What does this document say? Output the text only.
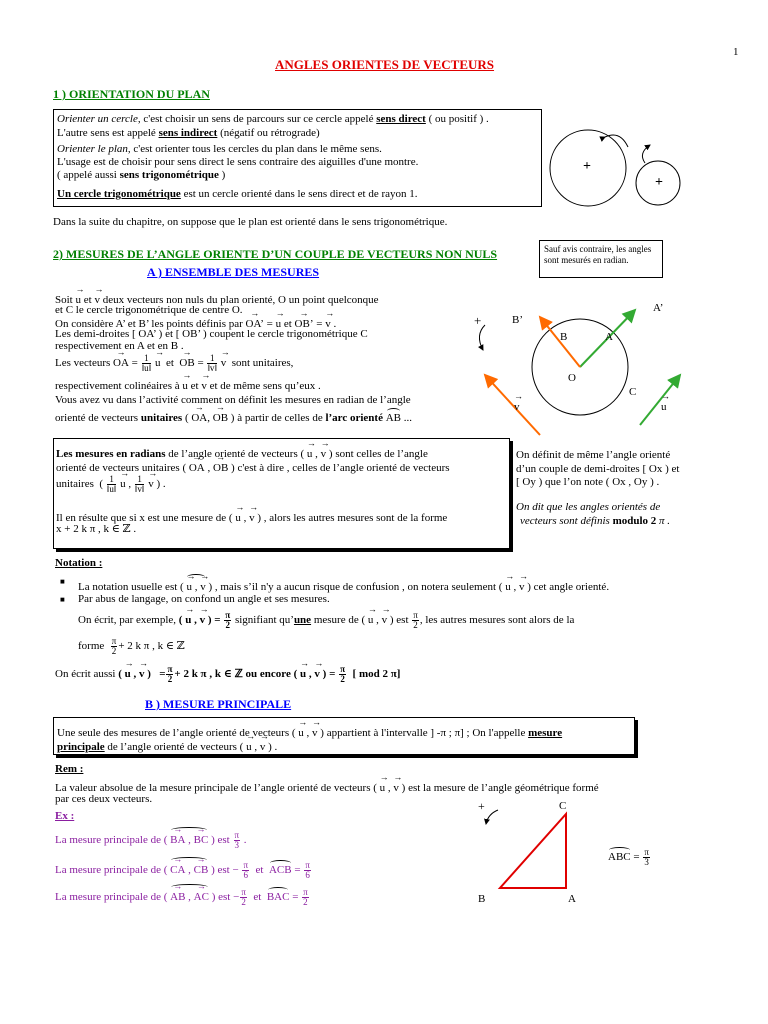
1
ANGLES ORIENTES DE VECTEURS
1 ) ORIENTATION DU PLAN
Orienter un cercle, c'est choisir un sens de parcours sur ce cercle appelé sens direct ( ou positif ) .
L'autre sens est appelé sens indirect (négatif ou rétrograde)
Orienter le plan, c'est orienter tous les cercles du plan dans le même sens.
L'usage est de choisir pour sens direct le sens contraire des aiguilles d'une montre.
( appelé aussi sens trigonométrique )
Un cercle trigonométrique est un cercle orienté dans le sens direct et de rayon 1.
+
+
Dans la suite du chapitre, on suppose que le plan est orienté dans le sens trigonométrique.
2) MESURES DE L’ANGLE ORIENTE D’UN COUPLE DE VECTEURS NON NULS	Sauf avis contraire, les angles sont mesurés en radian.
A ) ENSEMBLE DES MESURES
Soit → u et → v deux vecteurs non nuls du plan orienté, O un point quelconque
et C le cercle trigonométrique de centre O.
On considère A’ et B’ les points définis par → OA’ = → u et → OB’ = → v .
Les demi-droites [ OA’ ) et [ OB’ ) coupent le cercle trigonométrique C
respectivement en A et en B .
Les vecteurs → OA = $\frac{1}{‖u‖}$
→ u et  → OB = $\frac{1}{‖v‖}$
→ v sont unitaires,
respectivement colinéaires à → u et → v et de même sens qu’eux .
Vous avez vu dans l’activité comment on définit les mesures en radian de l’angle
orienté de vecteurs unitaires ( → OA, → OB ) à partir de celles de l’arc orienté AB ...
+	B’
A’
B	A
O
C
→ v
→	u
Les mesures en radians de l’angle orienté de vecteurs ( → u , → v ) sont celles de l’angle
orienté de vecteurs unitaires ( → OA , → OB ) c'est à dire , celles de l’angle orienté de vecteurs
unitaires  ( $\frac{1}{‖u‖}$
→ u , $\frac{1}{‖v‖}$
→ v ) .
Il en résulte que si x est une mesure de ( → u , → v ) , alors les autres mesures sont de la forme
x + 2 k π , k ∈ ℤ .
On définit de même l’angle orienté
d’un couple de demi-droites [ Ox ) et
[ Oy ) que l’on note ( Ox , Oy ) .
On dit que les angles orientés de
vecteurs sont définis modulo 2 π .
Notation :
■ La notation usuelle est ( → u , → v ) , mais s’il n'y a aucun risque de confusion , on notera seulement ( → u , → v ) cet angle orienté.
■ Par abus de langage, on confond un angle et ses mesures.
On écrit, par exemple, ( → u , → v ) = $\frac{\pi}{2}$ signifiant qu’une mesure de ( → u , → v ) est $\frac{\pi}{2}$ , les autres mesures sont alors de la
forme $\frac{\pi}{2} + 2$ k π , k ∈ ℤ
On écrit aussi ( → u , → v ) = $\frac{\pi}{2} + 2$ k π , k ∈ ℤ ou encore ( → u , → v ) = $\frac{\pi}{2}$ [ mod 2 π]
B ) MESURE PRINCIPALE
Une seule des mesures de l’angle orienté de vecteurs ( → u , → v ) appartient à l'intervalle ] -π ; π] ; On l'appelle mesure
principale de l’angle orienté de vecteurs ( → u , → v ) .
Rem :
La valeur absolue de la mesure principale de l’angle orienté de vecteurs ( → u , → v ) est la mesure de l’angle géométrique formé
par ces deux vecteurs.
Ex :
La mesure principale de ( → BA , → BC ) est $\frac{\pi}{3}$ .
La mesure principale de ( → CA , → CB ) est − $\frac{\pi}{6}$ et ACB = $\frac{\pi}{6}$
La mesure principale de ( → AB , → AC ) est − $\frac{\pi}{2}$ et BAC = $\frac{\pi}{2}$
+	C
B	A
ABC = $\frac{\pi}{3}$
